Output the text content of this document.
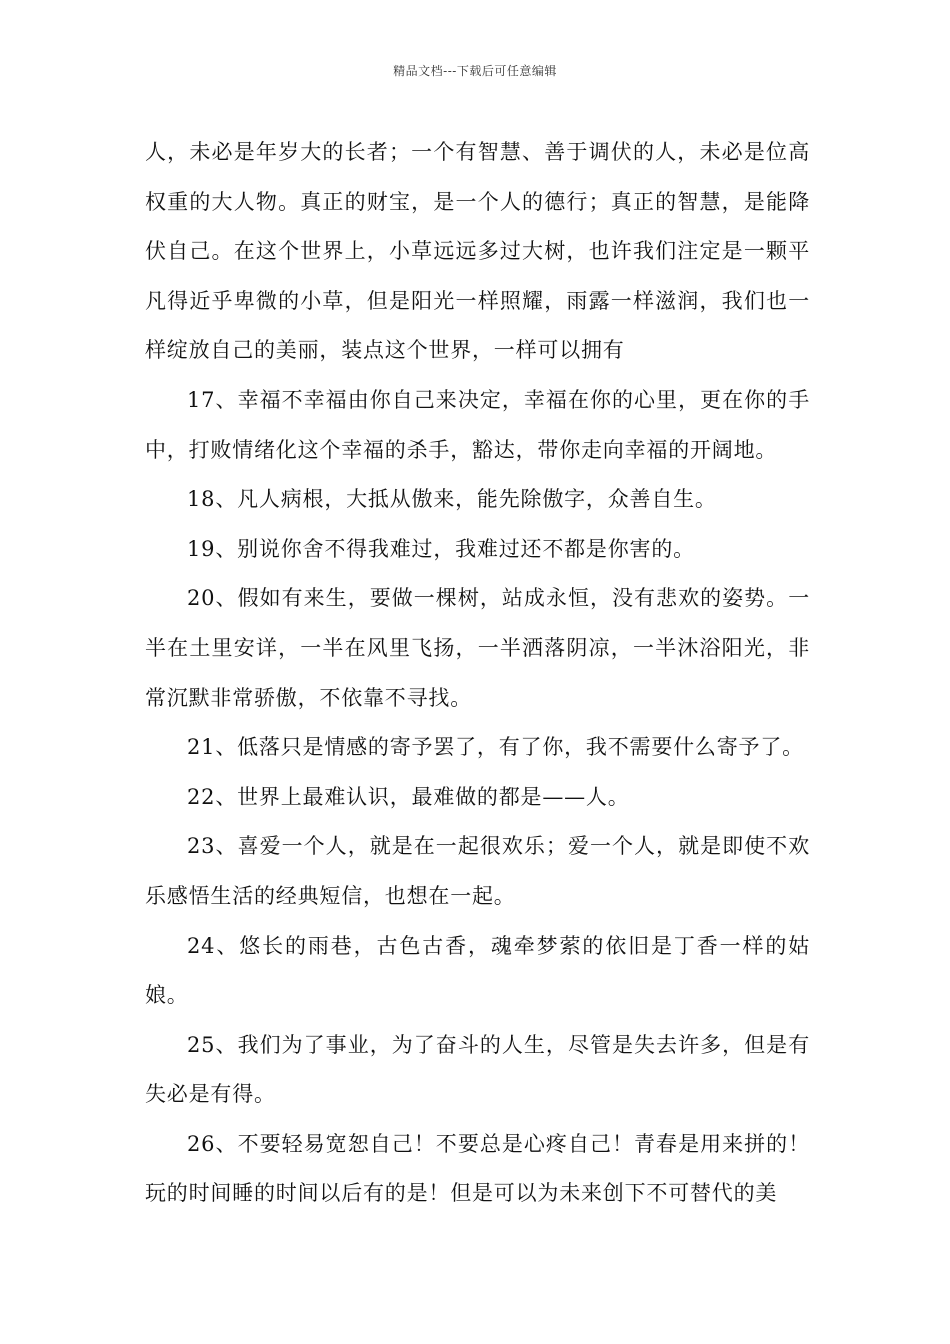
精品文档---下载后可任意编辑

人，未必是年岁大的长者；一个有智慧、善于调伏的人，未必是位高权重的大人物。真正的财宝，是一个人的德行；真正的智慧，是能降伏自己。在这个世界上，小草远远多过大树，也许我们注定是一颗平凡得近乎卑微的小草，但是阳光一样照耀，雨露一样滋润，我们也一样绽放自己的美丽，装点这个世界，一样可以拥有

17、幸福不幸福由你自己来决定，幸福在你的心里，更在你的手中，打败情绪化这个幸福的杀手，豁达，带你走向幸福的开阔地。

18、凡人病根，大抵从傲来，能先除傲字，众善自生。

19、别说你舍不得我难过，我难过还不都是你害的。

20、假如有来生，要做一棵树，站成永恒，没有悲欢的姿势。一半在土里安详，一半在风里飞扬，一半洒落阴凉，一半沐浴阳光，非常沉默非常骄傲，不依靠不寻找。

21、低落只是情感的寄予罢了，有了你，我不需要什么寄予了。

22、世界上最难认识，最难做的都是——人。

23、喜爱一个人，就是在一起很欢乐；爱一个人，就是即使不欢乐感悟生活的经典短信，也想在一起。

24、悠长的雨巷，古色古香，魂牵梦萦的依旧是丁香一样的姑娘。

25、我们为了事业，为了奋斗的人生，尽管是失去许多，但是有失必是有得。

26、不要轻易宽恕自己！不要总是心疼自己！青春是用来拼的！玩的时间睡的时间以后有的是！但是可以为未来创下不可替代的美
